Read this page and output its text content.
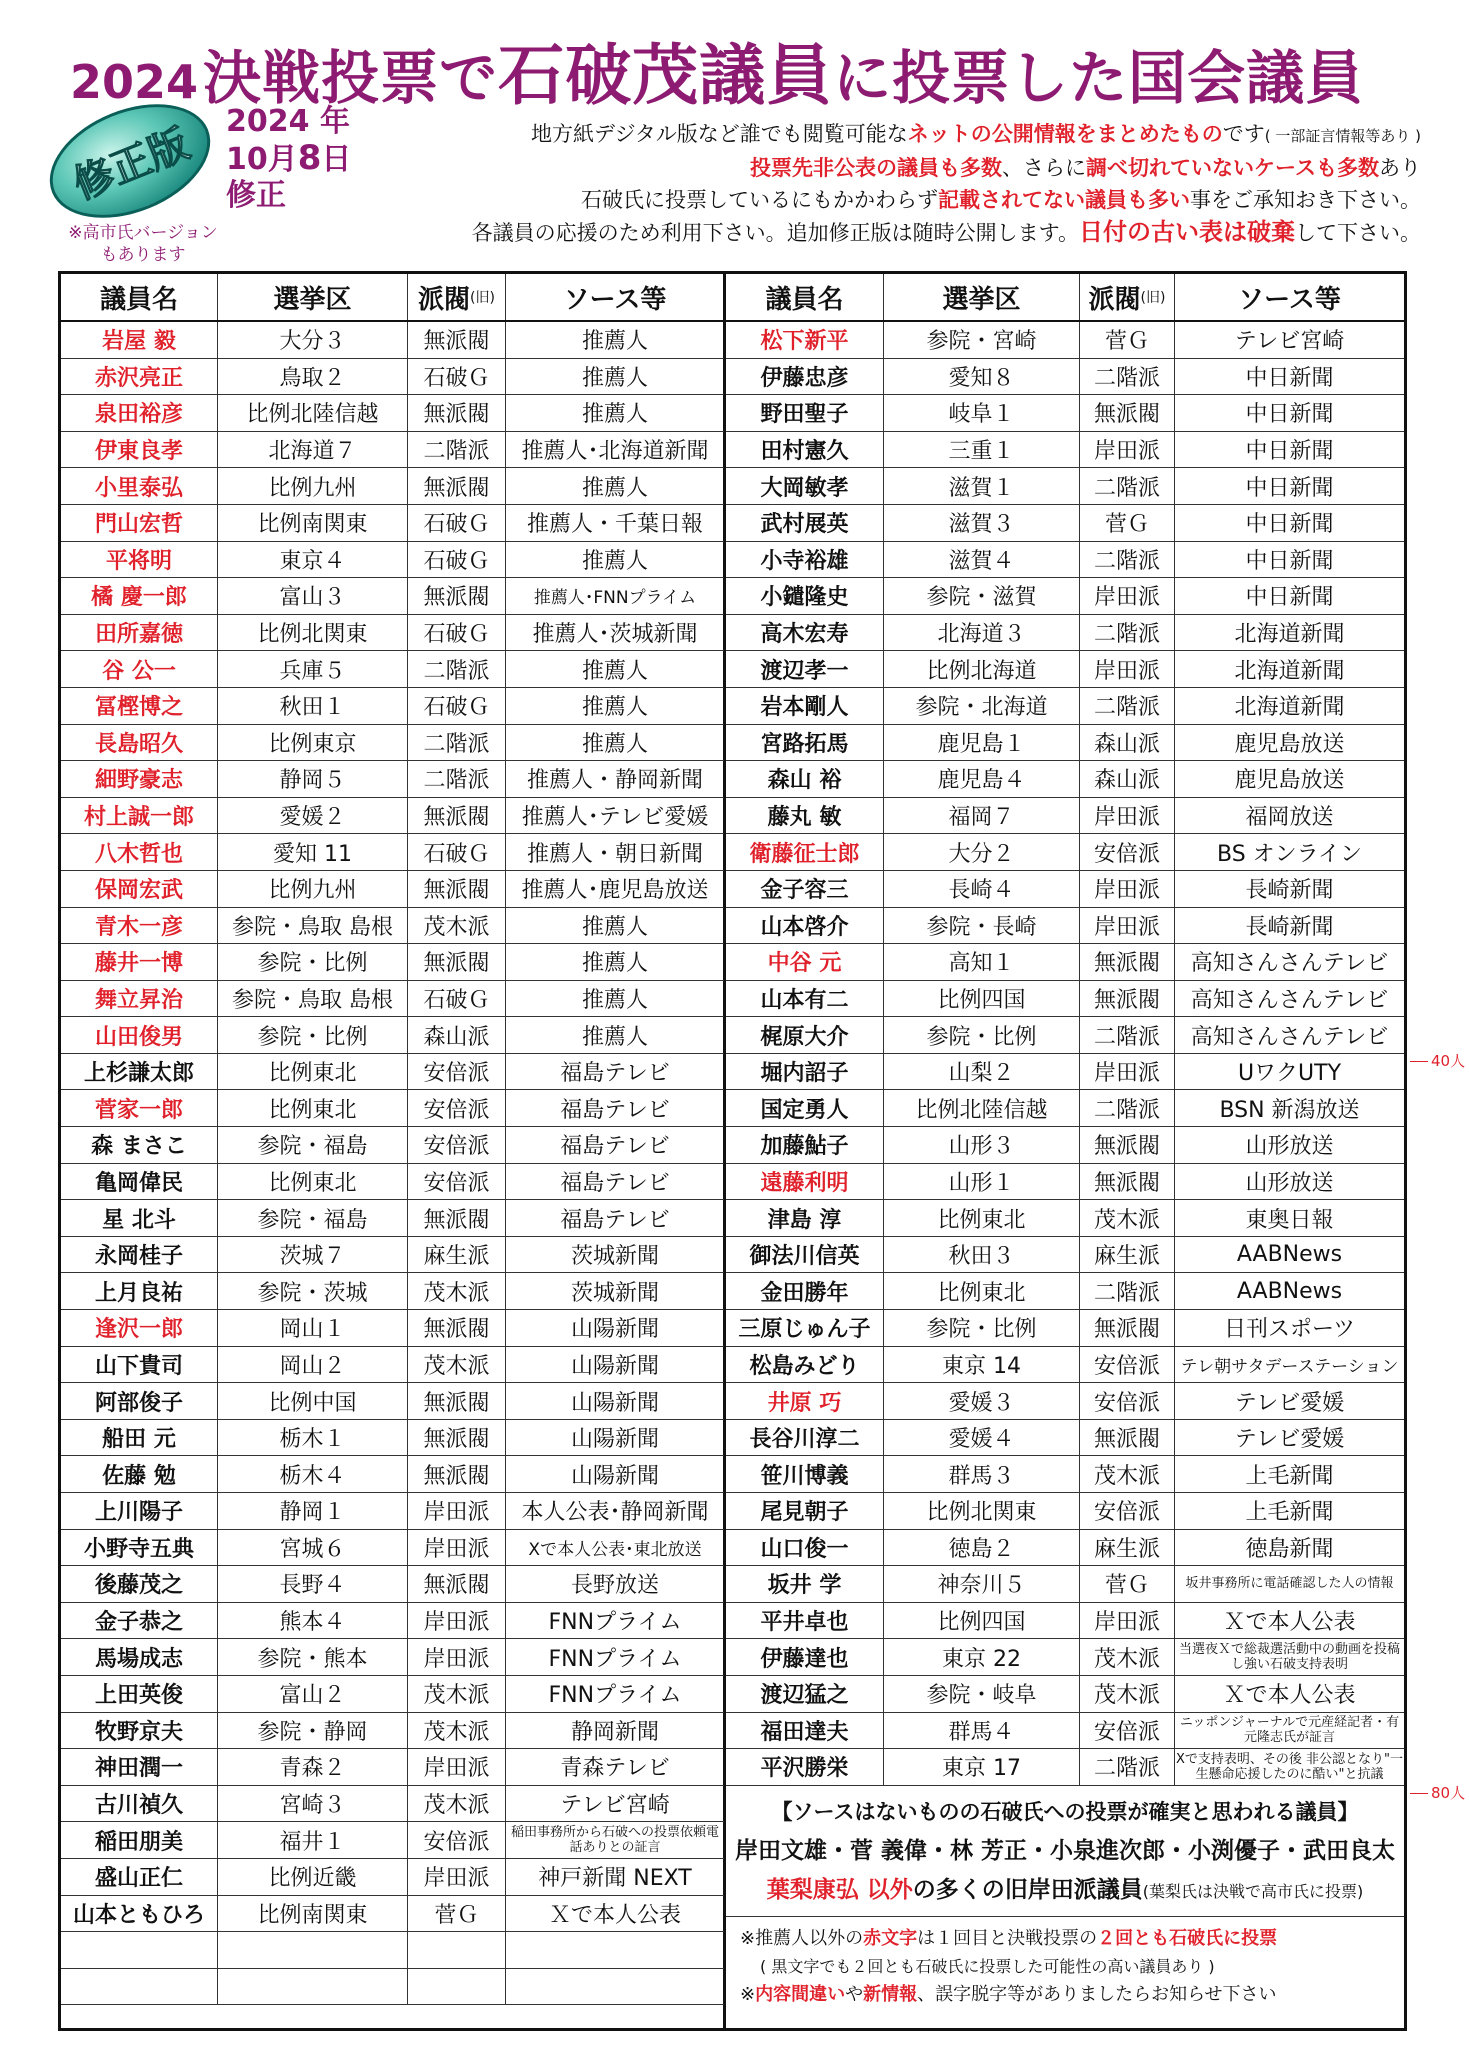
2024 決戦投票で石破茂議員に投票した国会議員
修正版
※高市氏バージョン
もあります
2024 年
10月8日
修正
地方紙デジタル版など誰でも閲覧可能なネットの公開情報をまとめたものです( 一部証言情報等あり )
投票先非公表の議員も多数、さらに調べ切れていないケースも多数あり
石破氏に投票しているにもかかわらず記載されてない議員も多い事をご承知おき下さい。
各議員の応援のため利用下さい。追加修正版は随時公開します。日付の古い表は破棄して下さい。
議員名	選挙区	派閥 (旧)	ソース等
岩屋 毅	大分３	無派閥	推薦人
赤沢亮正	鳥取２	石破Ｇ	推薦人
泉田裕彦	比例北陸信越	無派閥	推薦人
伊東良孝	北海道７	二階派	推薦人･北海道新聞
小里泰弘	比例九州	無派閥	推薦人
門山宏哲	比例南関東	石破Ｇ	推薦人・千葉日報
平将明	東京４	石破Ｇ	推薦人
橘 慶一郎	富山３	無派閥	推薦人･FNNプライム
田所嘉徳	比例北関東	石破Ｇ	推薦人･茨城新聞
谷 公一	兵庫５	二階派	推薦人
冨樫博之	秋田１	石破Ｇ	推薦人
長島昭久	比例東京	二階派	推薦人
細野豪志	静岡５	二階派	推薦人・静岡新聞
村上誠一郎	愛媛２	無派閥	推薦人･テレビ愛媛
八木哲也	愛知 11	石破Ｇ	推薦人・朝日新聞
保岡宏武	比例九州	無派閥	推薦人･鹿児島放送
青木一彦	参院・鳥取 島根	茂木派	推薦人
藤井一博	参院・比例	無派閥	推薦人
舞立昇治	参院・鳥取 島根	石破Ｇ	推薦人
山田俊男	参院・比例	森山派	推薦人
上杉謙太郎	比例東北	安倍派	福島テレビ
菅家一郎	比例東北	安倍派	福島テレビ
森 まさこ	参院・福島	安倍派	福島テレビ
亀岡偉民	比例東北	安倍派	福島テレビ
星 北斗	参院・福島	無派閥	福島テレビ
永岡桂子	茨城７	麻生派	茨城新聞
上月良祐	参院・茨城	茂木派	茨城新聞
逢沢一郎	岡山１	無派閥	山陽新聞
山下貴司	岡山２	茂木派	山陽新聞
阿部俊子	比例中国	無派閥	山陽新聞
船田 元	栃木１	無派閥	山陽新聞
佐藤 勉	栃木４	無派閥	山陽新聞
上川陽子	静岡１	岸田派	本人公表･静岡新聞
小野寺五典	宮城６	岸田派	Xで本人公表･東北放送
後藤茂之	長野４	無派閥	長野放送
金子恭之	熊本４	岸田派	FNNプライム
馬場成志	参院・熊本	岸田派	FNNプライム
上田英俊	富山２	茂木派	FNNプライム
牧野京夫	参院・静岡	茂木派	静岡新聞
神田潤一	青森２	岸田派	青森テレビ
古川禎久	宮崎３	茂木派	テレビ宮崎
稲田朋美	福井１	安倍派	稲田事務所から石破への投票依頼電話ありとの証言
盛山正仁	比例近畿	岸田派	神戸新聞 NEXT
山本ともひろ	比例南関東	菅Ｇ	Ｘで本人公表
議員名	選挙区	派閥 (旧)	ソース等
松下新平	参院・宮崎	菅Ｇ	テレビ宮崎
伊藤忠彦	愛知８	二階派	中日新聞
野田聖子	岐阜１	無派閥	中日新聞
田村憲久	三重１	岸田派	中日新聞
大岡敏孝	滋賀１	二階派	中日新聞
武村展英	滋賀３	菅Ｇ	中日新聞
小寺裕雄	滋賀４	二階派	中日新聞
小鑓隆史	参院・滋賀	岸田派	中日新聞
高木宏寿	北海道３	二階派	北海道新聞
渡辺孝一	比例北海道	岸田派	北海道新聞
岩本剛人	参院・北海道	二階派	北海道新聞
宮路拓馬	鹿児島１	森山派	鹿児島放送
森山 裕	鹿児島４	森山派	鹿児島放送
藤丸 敏	福岡７	岸田派	福岡放送
衛藤征士郎	大分２	安倍派	BS オンライン
金子容三	長崎４	岸田派	長崎新聞
山本啓介	参院・長崎	岸田派	長崎新聞
中谷 元	高知１	無派閥	高知さんさんテレビ
山本有二	比例四国	無派閥	高知さんさんテレビ
梶原大介	参院・比例	二階派	高知さんさんテレビ
堀内詔子	山梨２	岸田派	UワクUTY
国定勇人	比例北陸信越	二階派	BSN 新潟放送
加藤鮎子	山形３	無派閥	山形放送
遠藤利明	山形１	無派閥	山形放送
津島 淳	比例東北	茂木派	東奥日報
御法川信英	秋田３	麻生派	AABNews
金田勝年	比例東北	二階派	AABNews
三原じゅん子	参院・比例	無派閥	日刊スポーツ
松島みどり	東京 14	安倍派	テレ朝サタデーステーション
井原 巧	愛媛３	安倍派	テレビ愛媛
長谷川淳二	愛媛４	無派閥	テレビ愛媛
笹川博義	群馬３	茂木派	上毛新聞
尾見朝子	比例北関東	安倍派	上毛新聞
山口俊一	徳島２	麻生派	徳島新聞
坂井 学	神奈川５	菅Ｇ	坂井事務所に電話確認した人の情報
平井卓也	比例四国	岸田派	Ｘで本人公表
伊藤達也	東京 22	茂木派	当選夜Ｘで総裁選活動中の動画を投稿し強い石破支持表明
渡辺猛之	参院・岐阜	茂木派	Ｘで本人公表
福田達夫	群馬４	安倍派	ニッポンジャーナルで元産経記者・有元隆志氏が証言
平沢勝栄	東京 17	二階派	Xで支持表明、その後 非公認となり"一生懸命応援したのに酷い"と抗議
【ソースはないものの石破氏への投票が確実と思われる議員】
岸田文雄・菅 義偉・林 芳正・小泉進次郎・小渕優子・武田良太
葉梨康弘 以外の多くの旧岸田派議員(葉梨氏は決戦で高市氏に投票)
※推薦人以外の赤文字は１回目と決戦投票の２回とも石破氏に投票
( 黒文字でも２回とも石破氏に投票した可能性の高い議員あり )
※内容間違いや新情報、誤字脱字等がありましたらお知らせ下さい
40人
80人
